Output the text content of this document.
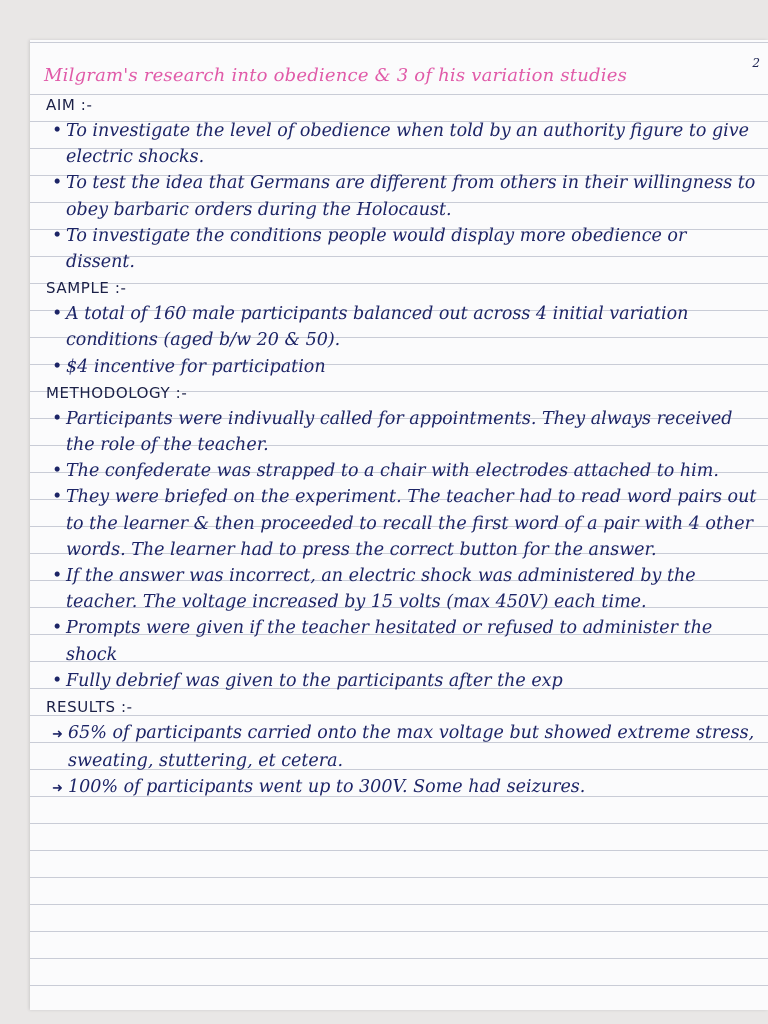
2
Milgram's research into obedience & 3 of his variation studies
AIM :-
• To investigate the level of obedience when told by an authority figure to give electric shocks.
• To test the idea that Germans are different from others in their willingness to obey barbaric orders during the Holocaust.
• To investigate the conditions people would display more obedience or dissent.
SAMPLE :-
• A total of 160 male participants balanced out across 4 initial variation conditions (aged b/w 20 & 50).
• $4 incentive for participation
METHODOLOGY :-
• Participants were indivually called for appointments. They always received the role of the teacher.
• The confederate was strapped to a chair with electrodes attached to him.
• They were briefed on the experiment. The teacher had to read word pairs out to the learner & then proceeded to recall the first word of a pair with 4 other words. The learner had to press the correct button for the answer.
• If the answer was incorrect, an electric shock was administered by the teacher. The voltage increased by 15 volts (max 450V) each time.
• Prompts were given if the teacher hesitated or refused to administer the shock
• Fully debrief was given to the participants after the exp
RESULTS :-
➜ 65% of participants carried onto the max voltage but showed extreme stress, sweating, stuttering, et cetera.
➜ 100% of participants went up to 300V. Some had seizures.
